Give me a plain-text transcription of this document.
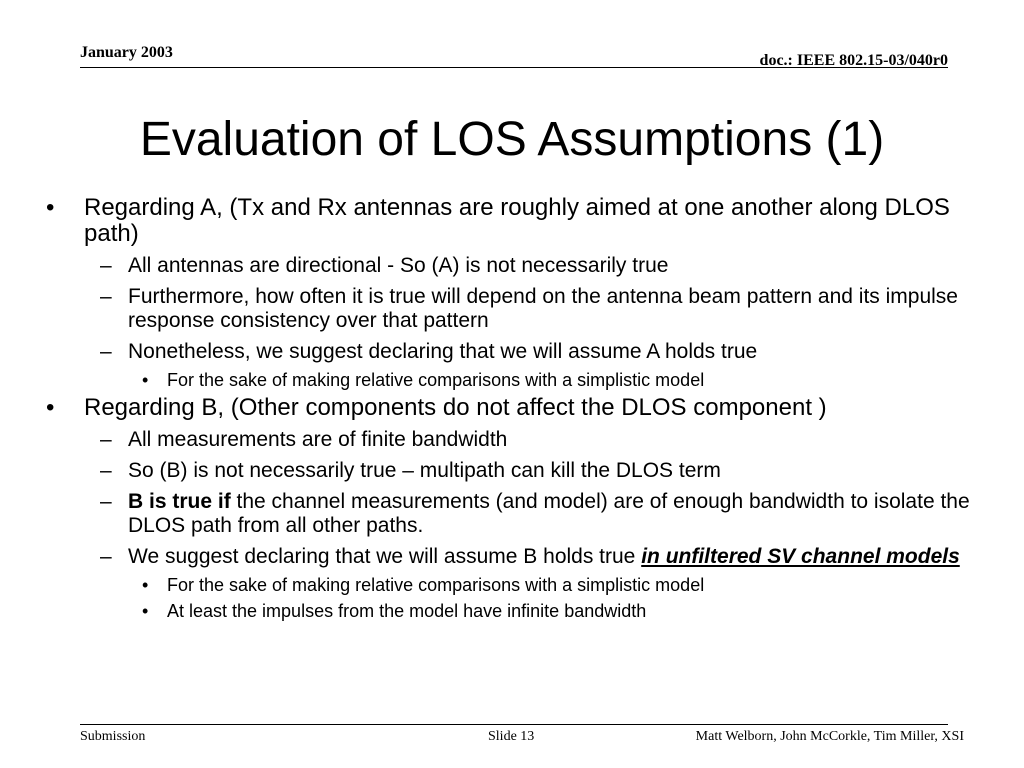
January 2003	doc.: IEEE 802.15-03/040r0
Evaluation of LOS Assumptions (1)
• Regarding A, (Tx and Rx antennas are roughly aimed at one another along DLOS path)
– All antennas are directional - So (A) is not necessarily true
– Furthermore, how often it is true will depend on the antenna beam pattern and its impulse response consistency over that pattern
– Nonetheless, we suggest declaring that we will assume A holds true
• For the sake of making relative comparisons with a simplistic model
• Regarding B, (Other components do not affect the DLOS component )
– All measurements are of finite bandwidth
– So (B) is not necessarily true – multipath can kill the DLOS term
– B is true if the channel measurements (and model) are of enough bandwidth to isolate the DLOS path from all other paths.
– We suggest declaring that we will assume B holds true in unfiltered SV channel models
• For the sake of making relative comparisons with a simplistic model
• At least the impulses from the model have infinite bandwidth
Submission	Slide 13	Matt Welborn, John McCorkle, Tim Miller, XSI
